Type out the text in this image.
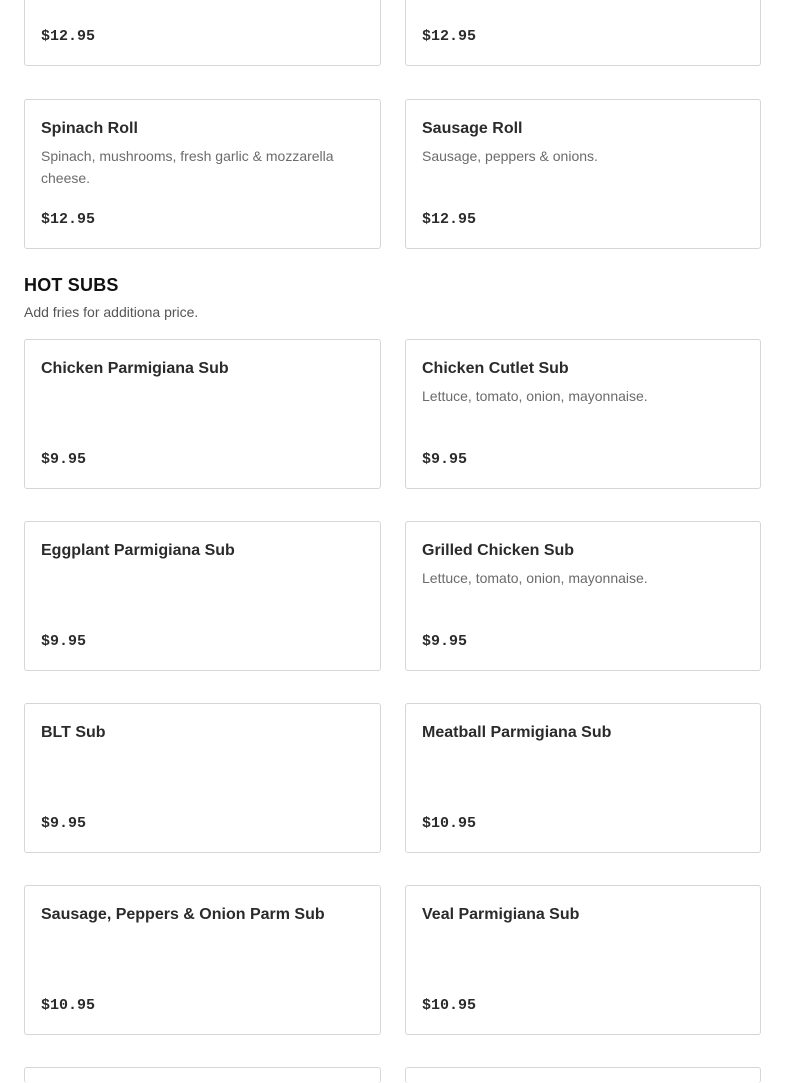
$12.95	$12.95
Spinach Roll
Spinach, mushrooms, fresh garlic & mozzarella cheese.
$12.95
Sausage Roll
Sausage, peppers & onions.
$12.95
HOT SUBS
Add fries for additiona price.
Chicken Parmigiana Sub
$9.95
Chicken Cutlet Sub
Lettuce, tomato, onion, mayonnaise.
$9.95
Eggplant Parmigiana Sub
$9.95
Grilled Chicken Sub
Lettuce, tomato, onion, mayonnaise.
$9.95
BLT Sub
$9.95
Meatball Parmigiana Sub
$10.95
Sausage, Peppers & Onion Parm Sub
$10.95
Veal Parmigiana Sub
$10.95
